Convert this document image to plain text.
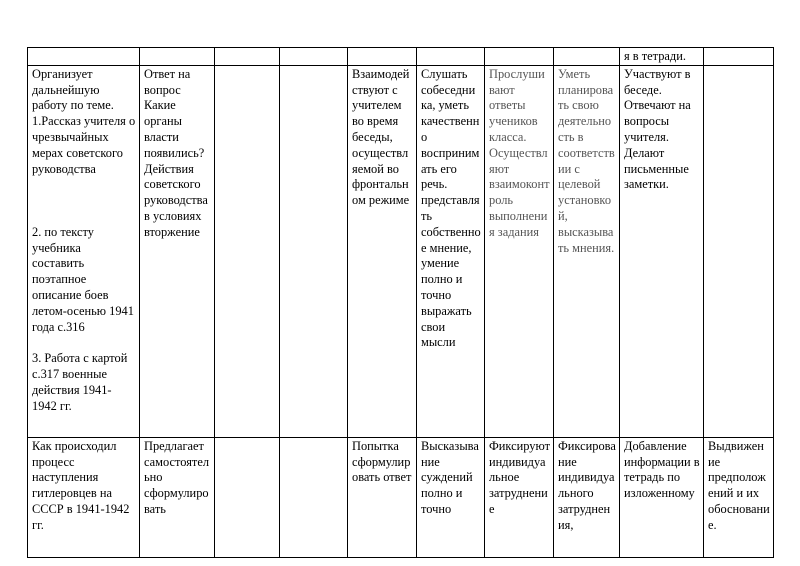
								я в тетради.	
Организует дальнейшую работу по теме.
1.Рассказ учителя о чрезвычайных мерах советского руководства

2. по тексту учебника составить поэтапное описание боев летом-осенью 1941 года с.316

3. Работа с картой с.317 военные действия 1941-1942 гг.	Ответ на вопрос Какие органы власти появились? Действия советского руководства в условиях вторжение			Взаимодействуют с учителем во время беседы, осуществляемой во фронтальном режиме	Слушать собеседника, уметь качественно воспринимать его речь. представлять собственное мнение, умение полно и точно выражать свои мысли	Прослушивают ответы учеников класса. Осуществляют взаимоконтроль выполнения задания	Уметь планировать свою деятельность в соответствии с целевой установкой, высказывать мнения.	Участвуют в беседе. Отвечают на вопросы учителя. Делают письменные заметки.	
Как происходил процесс наступления гитлеровцев на СССР в 1941-1942 гг.	Предлагает самостоятельно сформулировать			Попытка сформулировать ответ	Высказывание суждений полно и точно	Фиксируют индивидуальное затруднение	Фиксирование индивидуального затруднения,	Добавление информации в тетрадь по изложенному	Выдвижение предположений и их обоснование.
